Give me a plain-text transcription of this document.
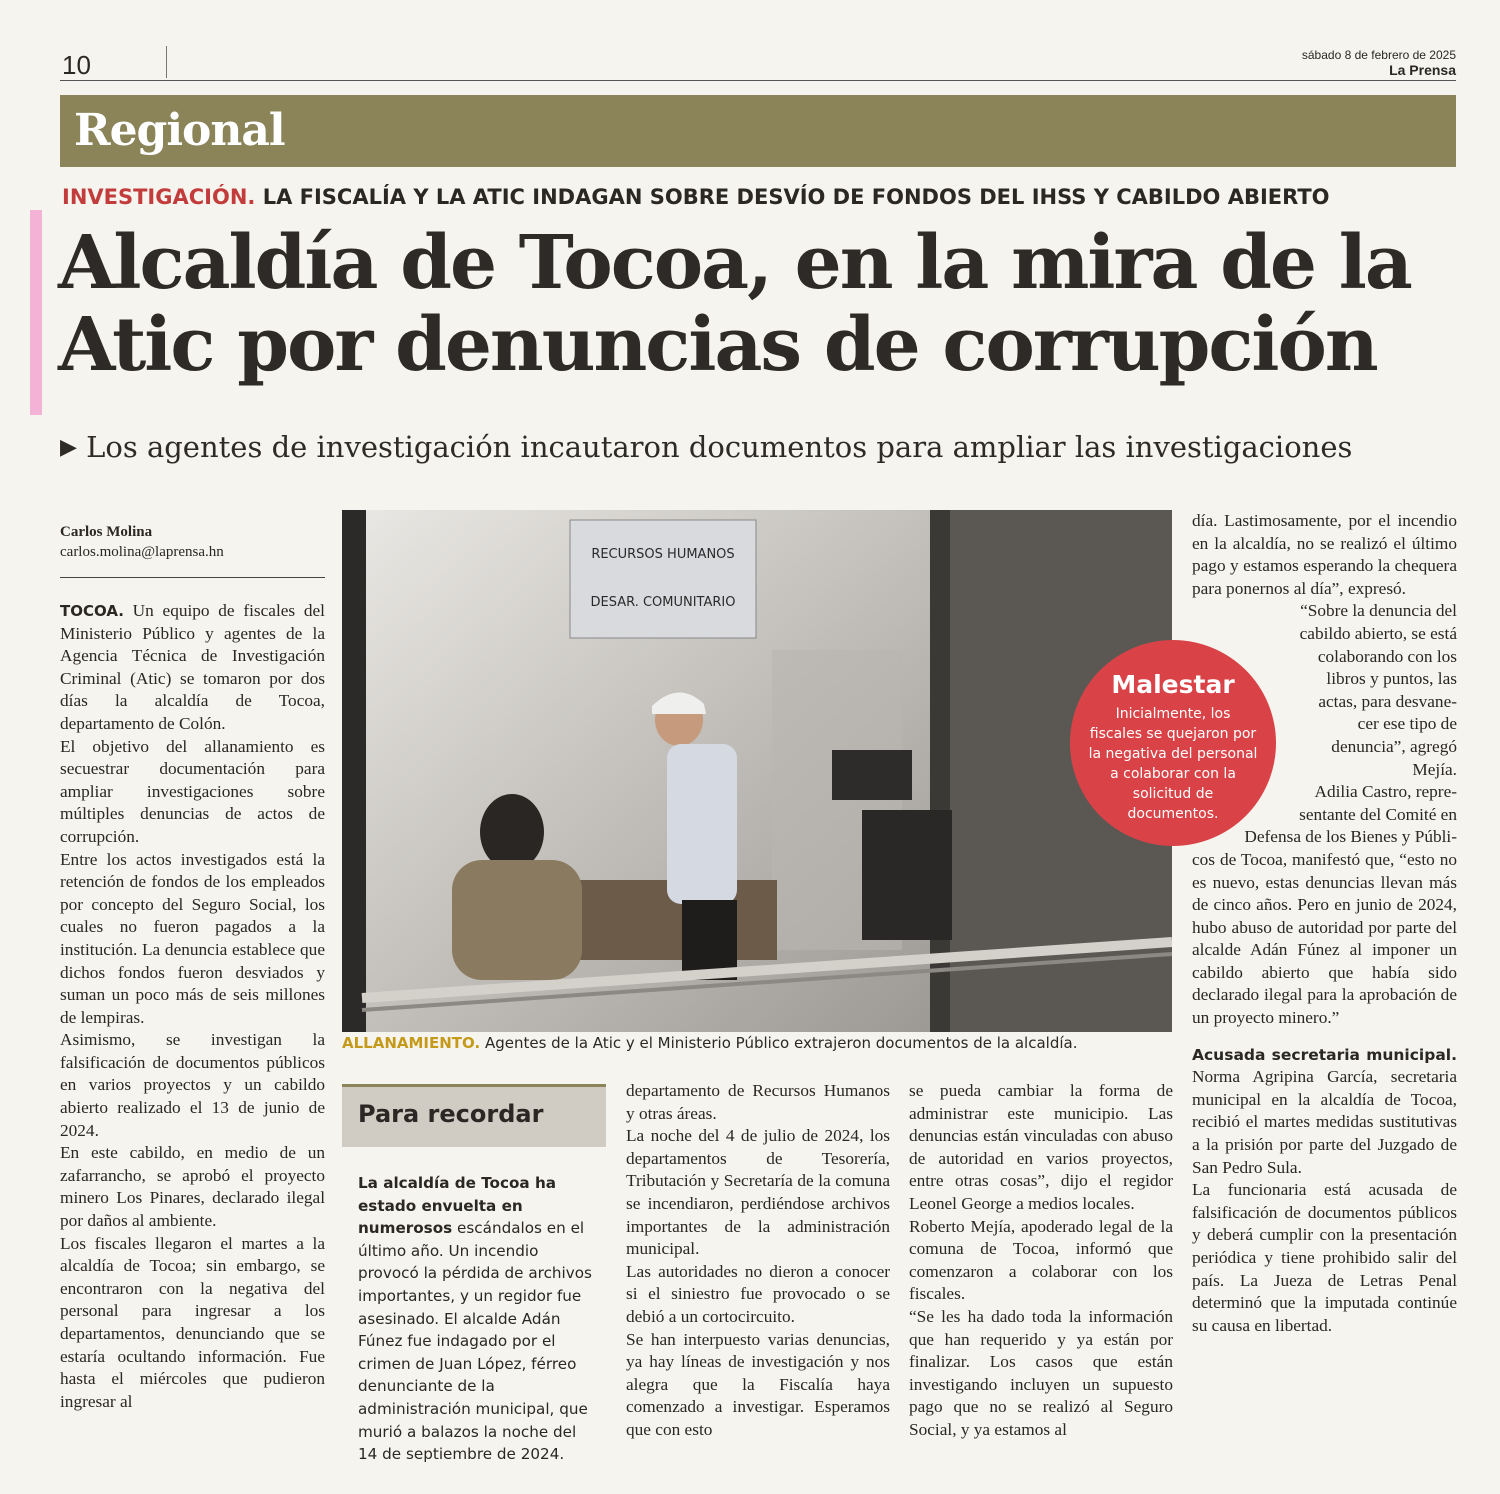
10	sábado 8 de febrero de 2025
La Prensa
Regional
INVESTIGACIÓN. LA FISCALÍA Y LA ATIC INDAGAN SOBRE DESVÍO DE FONDOS DEL IHSS Y CABILDO ABIERTO
Alcaldía de Tocoa, en la mira de la
Atic por denuncias de corrupción
▶ Los agentes de investigación incautaron documentos para ampliar las investigaciones
Carlos Molina
carlos.molina@laprensa.hn

TOCOA. Un equipo de fiscales del Ministerio Público y agentes de la Agencia Técnica de Investigación Criminal (Atic) se tomaron por dos días la alcaldía de Tocoa, departamento de Colón.

El objetivo del allanamiento es secuestrar documentación para ampliar investigaciones sobre múltiples denuncias de actos de corrupción.

Entre los actos investigados está la retención de fondos de los empleados por concepto del Seguro Social, los cuales no fueron pagados a la institución. La denuncia establece que dichos fondos fueron desviados y suman un poco más de seis millones de lempiras.

Asimismo, se investigan la falsificación de documentos públicos en varios proyectos y un cabildo abierto realizado el 13 de junio de 2024.

En este cabildo, en medio de un zafarrancho, se aprobó el proyecto minero Los Pinares, declarado ilegal por daños al ambiente.

Los fiscales llegaron el martes a la alcaldía de Tocoa; sin embargo, se encontraron con la negativa del personal para ingresar a los departamentos, denunciando que se estaría ocultando información. Fue hasta el miércoles que pudieron ingresar al

RECURSOS HUMANOS
DESAR. COMUNITARIO
ALLANAMIENTO. Agentes de la Atic y el Ministerio Público extrajeron documentos de la alcaldía.
Para recordar
La alcaldía de Tocoa ha estado envuelta en numerosos escándalos en el último año. Un incendio provocó la pérdida de archivos importantes, y un regidor fue asesinado. El alcalde Adán Fúnez fue indagado por el crimen de Juan López, férreo denunciante de la administración municipal, que murió a balazos la noche del 14 de septiembre de 2024.

departamento de Recursos Humanos y otras áreas.

La noche del 4 de julio de 2024, los departamentos de Tesorería, Tributación y Secretaría de la comuna se incendiaron, perdiéndose archivos importantes de la administración municipal.

Las autoridades no dieron a conocer si el siniestro fue provocado o se debió a un cortocircuito.

Se han interpuesto varias denuncias, ya hay líneas de investigación y nos alegra que la Fiscalía haya comenzado a investigar. Esperamos que con esto

se pueda cambiar la forma de administrar este municipio. Las denuncias están vinculadas con abuso de autoridad en varios proyectos, entre otras cosas”, dijo el regidor Leonel George a medios locales.

Roberto Mejía, apoderado legal de la comuna de Tocoa, informó que comenzaron a colaborar con los fiscales.

“Se les ha dado toda la información que han requerido y ya están por finalizar. Los casos que están investigando incluyen un supuesto pago que no se realizó al Seguro Social, y ya estamos al

día. Lastimosamente, por el incendio en la alcaldía, no se realizó el último pago y estamos esperando la chequera para ponernos al día”, expresó.

“Sobre la denuncia del
cabildo abierto, se está
colaborando con los
libros y puntos, las
actas, para desvane-
cer ese tipo de
denuncia”, agregó
Mejía.
Adilia Castro, repre-
sentante del Comité en
Defensa de los Bienes y Públi-

cos de Tocoa, manifestó que, “esto no es nuevo, estas denuncias llevan más de cinco años. Pero en junio de 2024, hubo abuso de autoridad por parte del alcalde Adán Fúnez al imponer un cabildo abierto que había sido declarado ilegal para la aprobación de un proyecto minero.”

Acusada secretaria municipal. Norma Agripina García, secretaria municipal en la alcaldía de Tocoa, recibió el martes medidas sustitutivas a la prisión por parte del Juzgado de San Pedro Sula.

La funcionaria está acusada de falsificación de documentos públicos y deberá cumplir con la presentación periódica y tiene prohibido salir del país. La Jueza de Letras Penal determinó que la imputada continúe su causa en libertad.

Malestar
Inicialmente, los fiscales se quejaron por la negativa del personal a colaborar con la solicitud de documentos.
